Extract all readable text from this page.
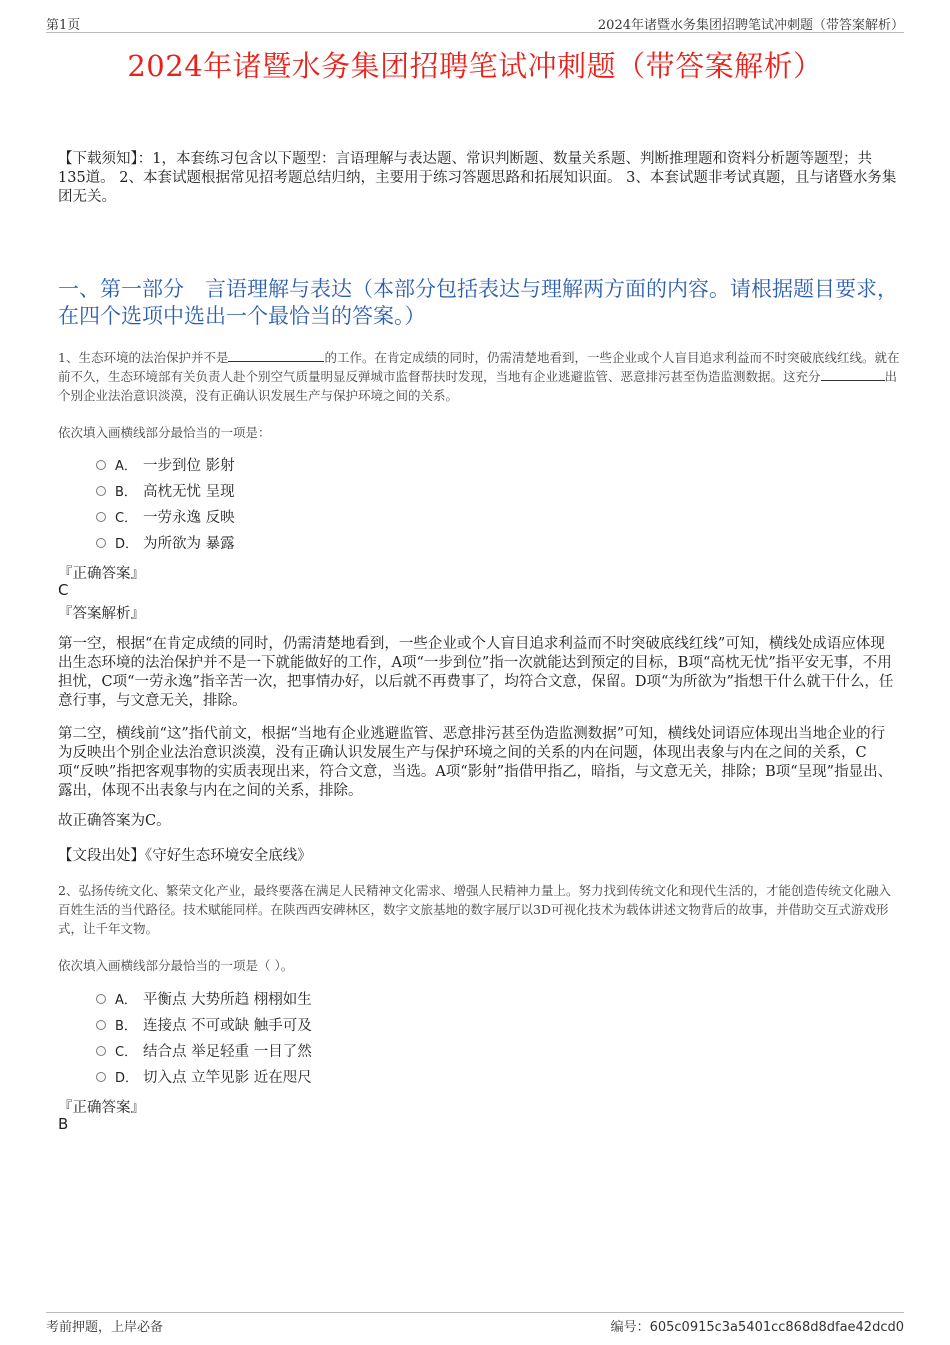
第1页	2024年诸暨水务集团招聘笔试冲刺题（带答案解析）
2024年诸暨水务集团招聘笔试冲刺题（带答案解析）
【下载须知】：1，本套练习包含以下题型：言语理解与表达题、常识判断题、数量关系题、判断推理题和资料分析题等题型；共135道。 2、本套试题根据常见招考题总结归纳，主要用于练习答题思路和拓展知识面。 3、本套试题非考试真题，且与诸暨水务集团无关。
一、第一部分　言语理解与表达（本部分包括表达与理解两方面的内容。请根据题目要求，在四个选项中选出一个最恰当的答案。）
1、生态环境的法治保护并不是	的工作。在肯定成绩的同时，仍需清楚地看到，一些企业或个人盲目追求利益而不时突破底线红线。就在前不久，生态环境部有关负责人赴个别空气质量明显反弹城市监督帮扶时发现，当地有企业逃避监管、恶意排污甚至伪造监测数据。这充分	出个别企业法治意识淡漠，没有正确认识发展生产与保护环境之间的关系。
依次填入画横线部分最恰当的一项是：
A． 一步到位 影射
B． 高枕无忧 呈现
C． 一劳永逸 反映
D． 为所欲为 暴露
『正确答案』
C
『答案解析』
第一空，根据“在肯定成绩的同时，仍需清楚地看到，一些企业或个人盲目追求利益而不时突破底线红线”可知，横线处成语应体现出生态环境的法治保护并不是一下就能做好的工作，A项“一步到位”指一次就能达到预定的目标，B项“高枕无忧”指平安无事，不用担忧，C项“一劳永逸”指辛苦一次，把事情办好，以后就不再费事了，均符合文意，保留。D项“为所欲为”指想干什么就干什么，任意行事，与文意无关，排除。
第二空，横线前“这”指代前文，根据“当地有企业逃避监管、恶意排污甚至伪造监测数据”可知，横线处词语应体现出当地企业的行为反映出个别企业法治意识淡漠，没有正确认识发展生产与保护环境之间的关系的内在问题，体现出表象与内在之间的关系，C项“反映”指把客观事物的实质表现出来，符合文意，当选。A项“影射”指借甲指乙，暗指，与文意无关，排除；B项“呈现”指显出、露出，体现不出表象与内在之间的关系，排除。
故正确答案为C。
【文段出处】《守好生态环境安全底线》
2、弘扬传统文化、繁荣文化产业，最终要落在满足人民精神文化需求、增强人民精神力量上。努力找到传统文化和现代生活的，才能创造传统文化融入百姓生活的当代路径。技术赋能同样。在陕西西安碑林区，数字文旅基地的数字展厅以3D可视化技术为载体讲述文物背后的故事，并借助交互式游戏形式，让千年文物。
依次填入画横线部分最恰当的一项是（ ）。
A． 平衡点 大势所趋 栩栩如生
B． 连接点 不可或缺 触手可及
C． 结合点 举足轻重 一目了然
D． 切入点 立竿见影 近在咫尺
『正确答案』
B
考前押题，上岸必备	编号：605c0915c3a5401cc868d8dfae42dcd0
